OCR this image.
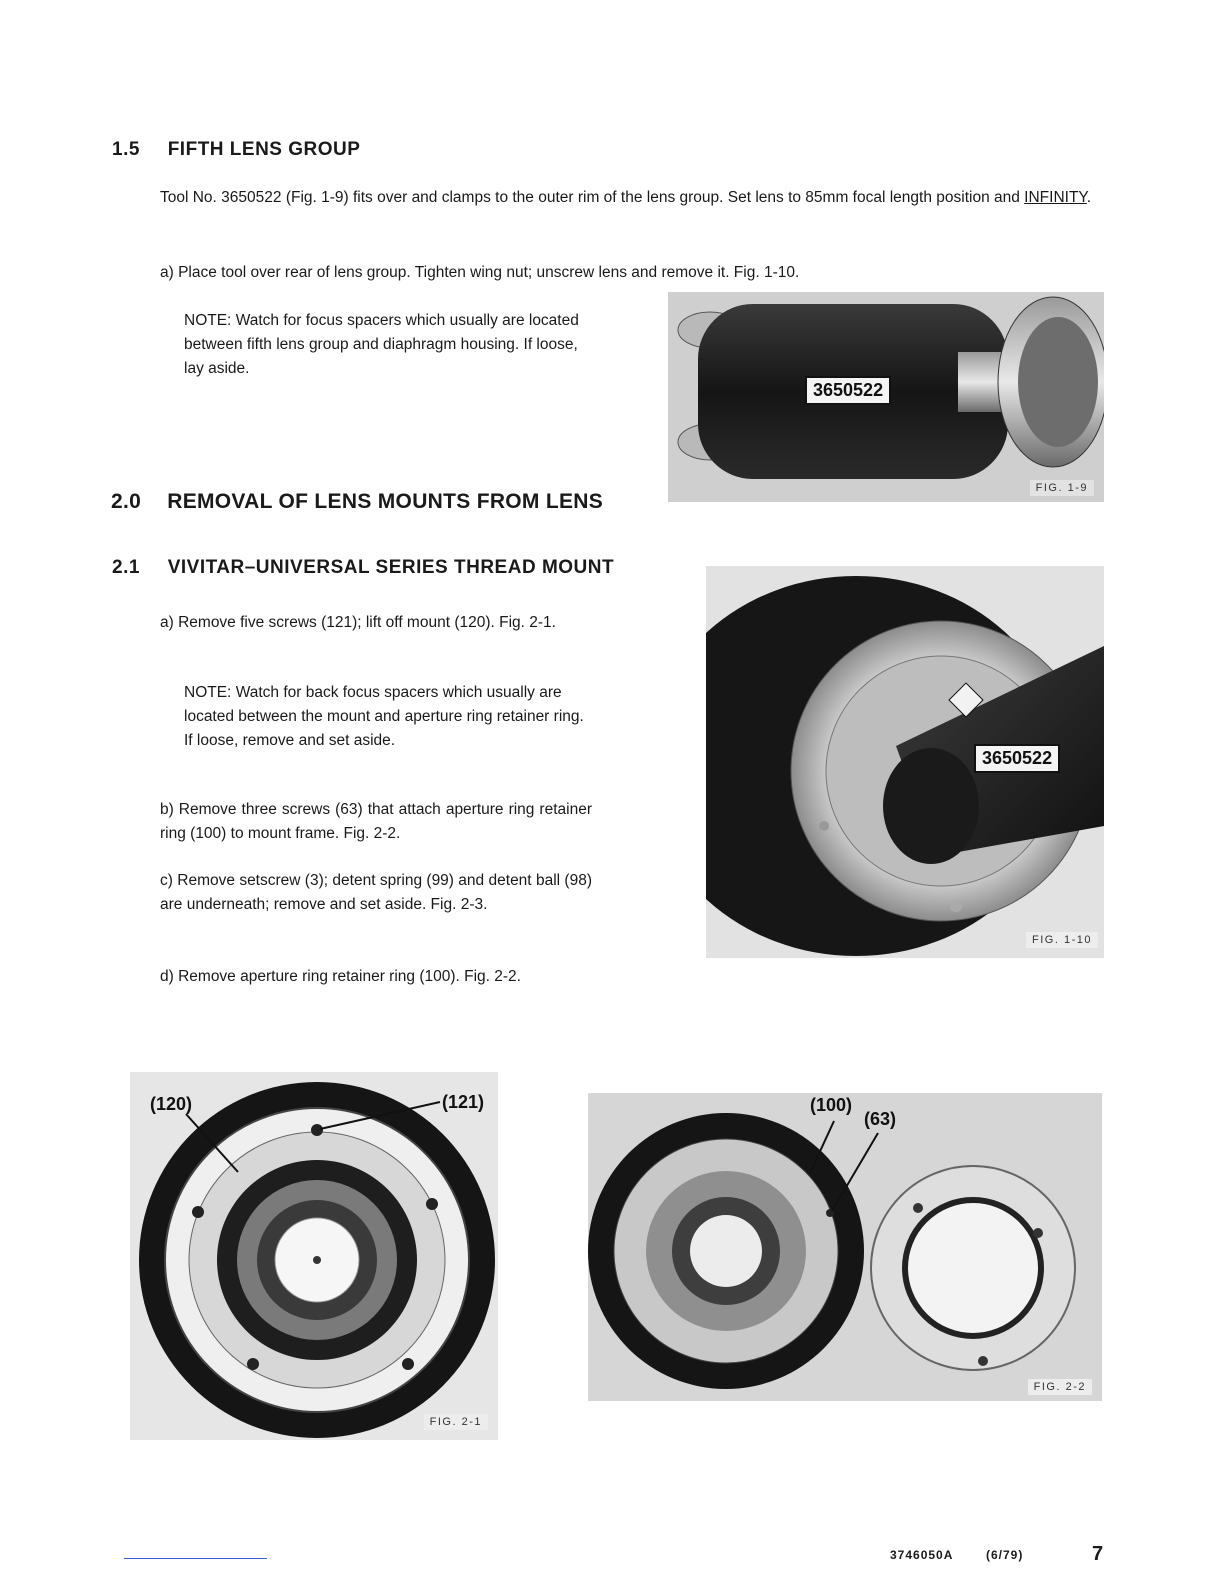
1.5 FIFTH LENS GROUP
Tool No. 3650522 (Fig. 1-9) fits over and clamps to the outer rim of the lens group. Set lens to 85mm focal length position and INFINITY.
a) Place tool over rear of lens group. Tighten wing nut; unscrew lens and remove it. Fig. 1-10.
NOTE: Watch for focus spacers which usually are located between fifth lens group and diaphragm housing. If loose, lay aside.
3650522
FIG. 1-9
2.0 REMOVAL OF LENS MOUNTS FROM LENS
2.1 VIVITAR–UNIVERSAL SERIES THREAD MOUNT
a) Remove five screws (121); lift off mount (120). Fig. 2-1.
NOTE: Watch for back focus spacers which usually are located between the mount and aperture ring retainer ring. If loose, remove and set aside.
b) Remove three screws (63) that attach aperture ring retainer ring (100) to mount frame. Fig. 2-2.
c) Remove setscrew (3); detent spring (99) and detent ball (98) are underneath; remove and set aside. Fig. 2-3.
d) Remove aperture ring retainer ring (100). Fig. 2-2.
3650522
FIG. 1-10
(120)	(121)
FIG. 2-1
(100)
(63)
FIG. 2-2
3746050A	(6/79)	7
